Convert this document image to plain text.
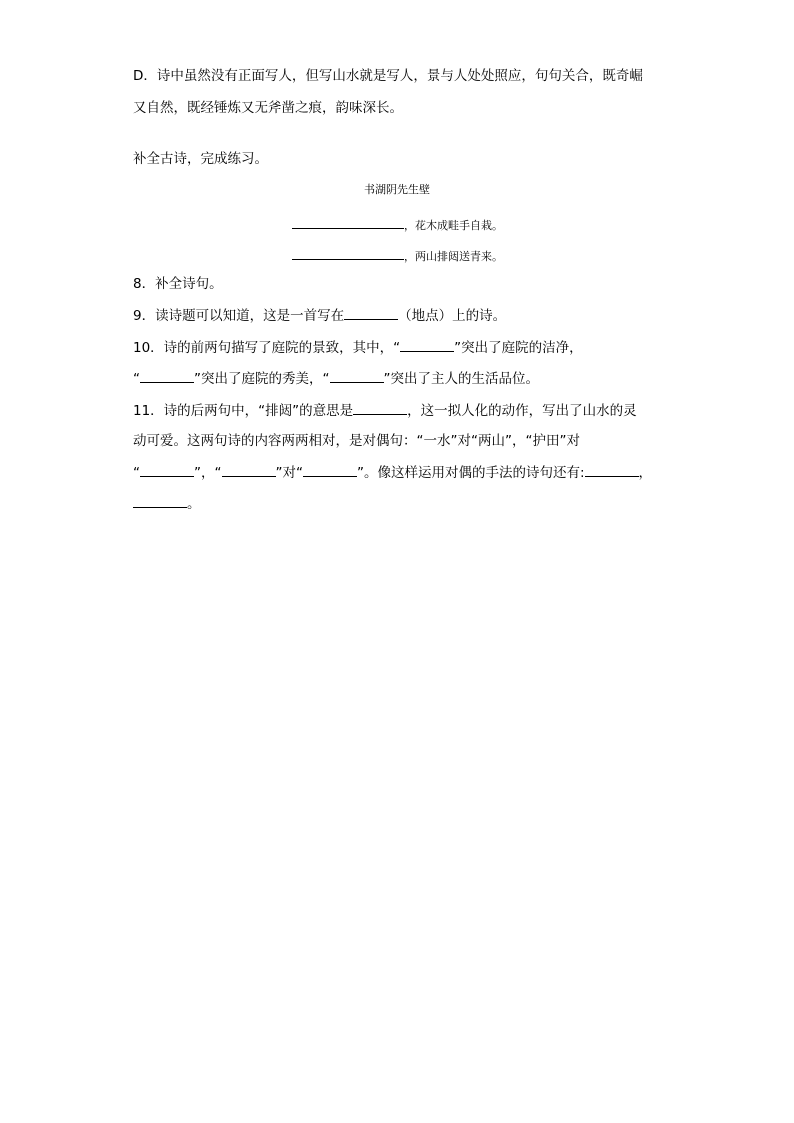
D．诗中虽然没有正面写人，但写山水就是写人，景与人处处照应，句句关合，既奇崛
又自然，既经锤炼又无斧凿之痕，韵味深长。
补全古诗，完成练习。
书湖阴先生壁
，花木成畦手自栽。
，两山排闼送青来。
8．补全诗句。
9．读诗题可以知道，这是一首写在	（地点）上的诗。
10．诗的前两句描写了庭院的景致，其中，“	”突出了庭院的洁净，
“	”突出了庭院的秀美，“	”突出了主人的生活品位。
11．诗的后两句中，“排闼”的意思是	，这一拟人化的动作，写出了山水的灵
动可爱。这两句诗的内容两两相对，是对偶句：“一水”对“两山”，“护田”对
“	”，“	”对“	”。像这样运用对偶的手法的诗句还有:	，
。
